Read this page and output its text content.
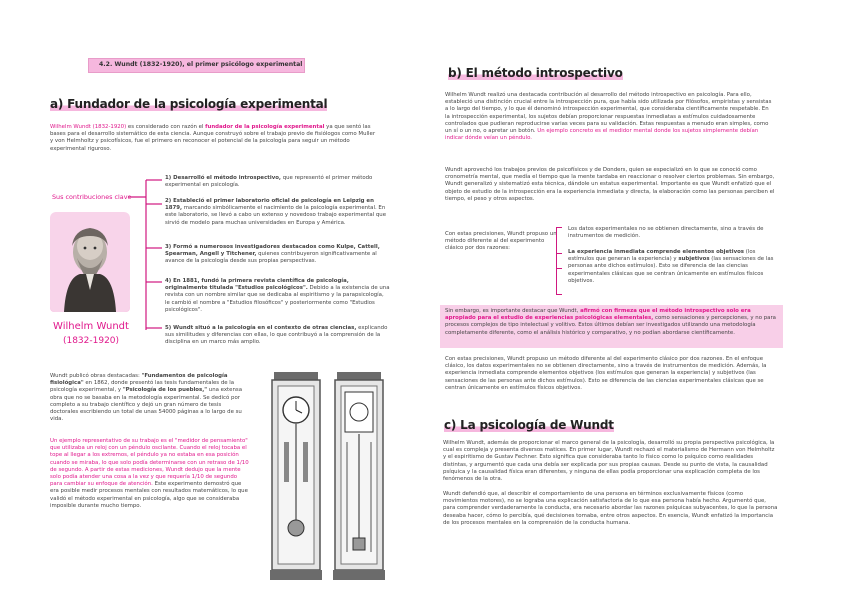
4.2. Wundt (1832-1920), el primer psicólogo experimental
a) Fundador de la psicología experimental

Wilhelm Wundt (1832-1920) es considerado con razón el fundador de la psicología experimental ya que sentó las bases para el desarrollo sistemático de esta ciencia. Aunque construyó sobre el trabajo previo de fisiólogos como Muller y von Helmholtz y psicofísicos, fue el primero en reconocer el potencial de la psicología para seguir un método experimental riguroso.

Sus contribuciones clave
Wilhelm Wundt
(1832-1920)

1) Desarrolló el método introspectivo, que representó el primer método experimental en psicología.

2) Estableció el primer laboratorio oficial de psicología en Leipzig en 1879, marcando simbólicamente el nacimiento de la psicología experimental. En este laboratorio, se llevó a cabo un extenso y novedoso trabajo experimental que sirvió de modelo para muchas universidades en Europa y América.

3) Formó a numerosos investigadores destacados como Kulpe, Cattell, Spearman, Angell y Titchener, quienes contribuyeron significativamente al avance de la psicología desde sus propias perspectivas.

4) En 1881, fundó la primera revista científica de psicología, originalmente titulada "Estudios psicológicos". Debido a la existencia de una revista con un nombre similar que se dedicaba al espiritismo y la parapsicología, le cambió el nombre a "Estudios filosóficos" y posteriormente como "Estudios psicológicos".

5) Wundt situó a la psicología en el contexto de otras ciencias, explicando sus similitudes y diferencias con ellas, lo que contribuyó a la comprensión de la disciplina en un marco más amplio.

Wundt publicó obras destacadas: "Fundamentos de psicología fisiológica" en 1862, donde presentó las tesis fundamentales de la psicología experimental, y "Psicología de los pueblos," una extensa obra que no se basaba en la metodología experimental. Se dedicó por completo a su trabajo científico y dejó un gran número de tesis doctorales escribiendo un total de unas 54000 páginas a lo largo de su vida.

Un ejemplo representativo de su trabajo es el "medidor de pensamiento" que utilizaba un reloj con un péndulo oscilante. Cuando el reloj tocaba el tope al llegar a los extremos, el péndulo ya no estaba en esa posición cuando se miraba, lo que solo podía determinarse con un retraso de 1/10 de segundo. A partir de estas mediciones, Wundt dedujo que la mente solo podía atender una cosa a la vez y que requería 1/10 de segundo para cambiar su enfoque de atención. Este experimento demostró que era posible medir procesos mentales con resultados matemáticos, lo que validó el método experimental en psicología, algo que se consideraba imposible durante mucho tiempo.

b) El método introspectivo

Wilhelm Wundt realizó una destacada contribución al desarrollo del método introspectivo en psicología. Para ello, estableció una distinción crucial entre la introspección pura, que había sido utilizada por filósofos, empiristas y sensistas a lo largo del tiempo, y lo que él denominó introspección experimental, que consideraba científicamente respetable. En la introspección experimental, los sujetos debían proporcionar respuestas inmediatas a estímulos cuidadosamente controlados que pudieran reproducirse varias veces para su validación. Estas respuestas a menudo eran simples, como un sí o un no, o apretar un botón. Un ejemplo concreto es el medidor mental donde los sujetos simplemente debían indicar dónde veían un péndulo.

Wundt aprovechó los trabajos previos de psicofísicos y de Donders, quien se especializó en lo que se conoció como cronometría mental, que medía el tiempo que la mente tardaba en reaccionar o resolver ciertos problemas. Sin embargo, Wundt generalizó y sistematizó esta técnica, dándole un estatus experimental. Importante es que Wundt enfatizó que el objeto de estudio de la introspección era la experiencia inmediata y directa, la elaboración como las personas perciben el tiempo, el peso y otros aspectos.

Con estas precisiones, Wundt propuso un método diferente al del experimento clásico por dos razones:

Los datos experimentales no se obtienen directamente, sino a través de instrumentos de medición.

La experiencia inmediata comprende elementos objetivos (los estímulos que generan la experiencia) y subjetivos (las sensaciones de las personas ante dichos estímulos). Esto se diferencia de las ciencias experimentales clásicas que se centran únicamente en estímulos físicos objetivos.

Sin embargo, es importante destacar que Wundt, afirmó con firmeza que el método introspectivo solo era apropiado para el estudio de experiencias psicológicas elementales, como sensaciones y percepciones, y no para procesos complejos de tipo intelectual y volitivo. Estos últimos debían ser investigados utilizando una metodología completamente diferente, como el análisis histórico y comparativo, y no podían abordarse científicamente.

Con estas precisiones, Wundt propuso un método diferente al del experimento clásico por dos razones. En el enfoque clásico, los datos experimentales no se obtienen directamente, sino a través de instrumentos de medición. Además, la experiencia inmediata comprende elementos objetivos (los estímulos que generan la experiencia) y subjetivos (las sensaciones de las personas ante dichos estímulos). Esto se diferencia de las ciencias experimentales clásicas que se centran únicamente en estímulos físicos objetivos.

c) La psicología de Wundt

Wilhelm Wundt, además de proporcionar el marco general de la psicología, desarrolló su propia perspectiva psicológica, la cual es compleja y presenta diversos matices. En primer lugar, Wundt rechazó el materialismo de Hermann von Helmholtz y el espiritismo de Gustav Fechner. Esto significa que consideraba tanto lo físico como lo psíquico como realidades distintas, y argumentó que cada una debía ser explicada por sus propias causas. Desde su punto de vista, la causalidad psíquica y la causalidad física eran diferentes, y ninguna de ellas podía proporcionar una explicación completa de los fenómenos de la otra.

Wundt defendió que, al describir el comportamiento de una persona en términos exclusivamente físicos (como movimientos motores), no se lograba una explicación satisfactoria de lo que esa persona había hecho. Argumentó que, para comprender verdaderamente la conducta, era necesario abordar las razones psíquicas subyacentes, lo que la persona deseaba hacer, cómo lo percibía, qué decisiones tomaba, entre otros aspectos. En esencia, Wundt enfatizó la importancia de los procesos mentales en la comprensión de la conducta humana.
